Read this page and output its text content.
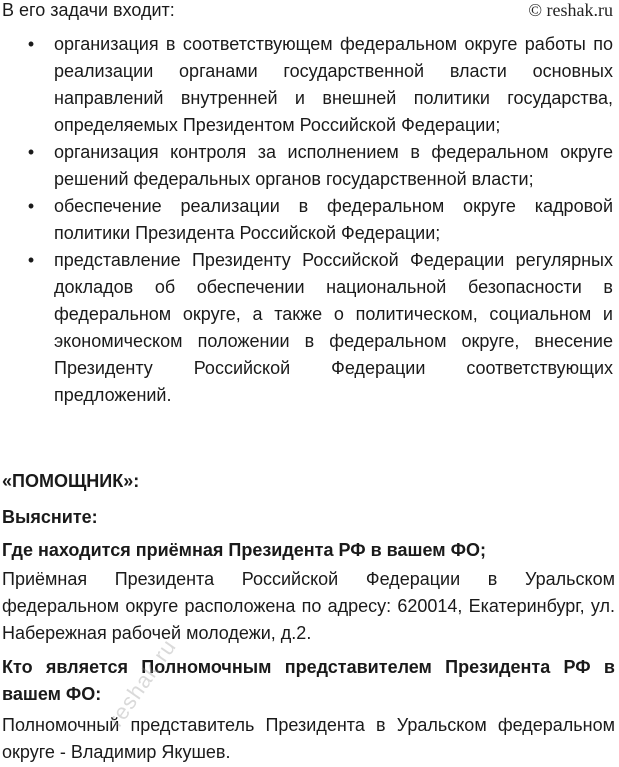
В его задачи входит:	© reshak.ru
• организация в соответствующем федеральном округе работы по реализации органами государственной власти основных направлений внутренней и внешней политики государства, определяемых Президентом Российской Федерации;
• организация контроля за исполнением в федеральном округе решений федеральных органов государственной власти;
• обеспечение реализации в федеральном округе кадровой политики Президента Российской Федерации;
• представление Президенту Российской Федерации регулярных докладов об обеспечении национальной безопасности в федеральном округе, а также о политическом, социальном и экономическом положении в федеральном округе, внесение Президенту Российской Федерации соответствующих предложений.
«ПОМОЩНИК»:
Выясните:
Где находится приёмная Президента РФ в вашем ФО;
Приёмная Президента Российской Федерации в Уральском федеральном округе расположена по адресу: 620014, Екатеринбург, ул. Набережная рабочей молодежи, д.2.
Кто является Полномочным представителем Президента РФ в вашем ФО:
Полномочный представитель Президента в Уральском федеральном округе - Владимир Якушев.
reshak.ru
